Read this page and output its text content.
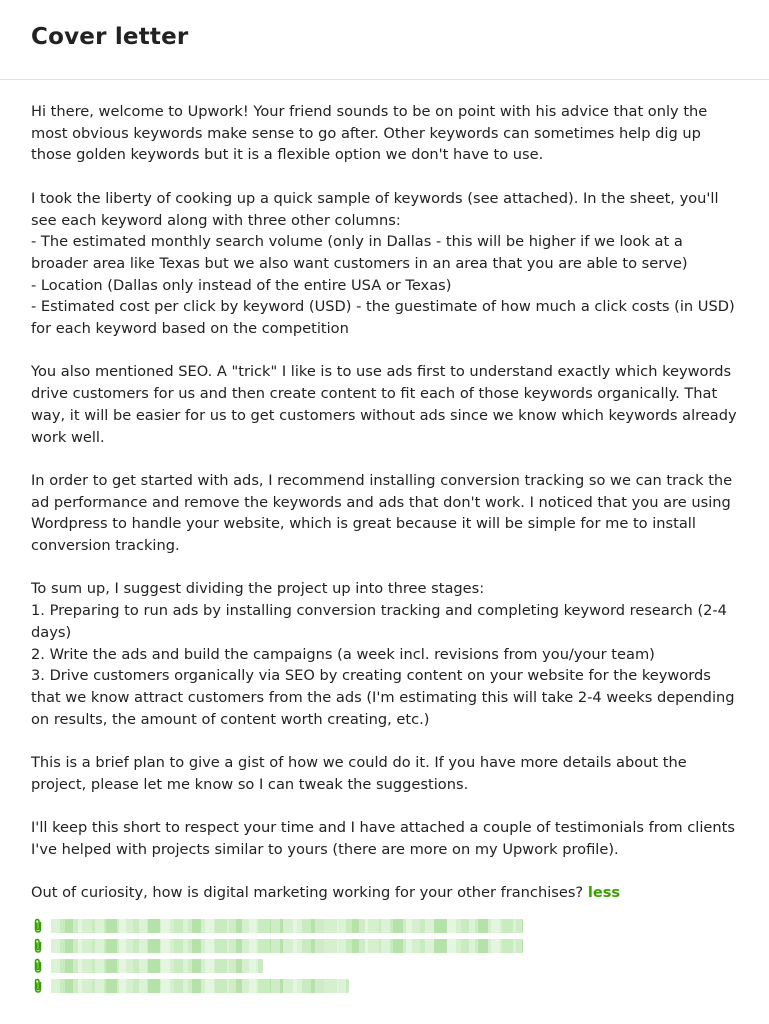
Cover letter

Hi there, welcome to Upwork! Your friend sounds to be on point with his advice that only the most obvious keywords make sense to go after. Other keywords can sometimes help dig up those golden keywords but it is a flexible option we don't have to use.

I took the liberty of cooking up a quick sample of keywords (see attached). In the sheet, you'll see each keyword along with three other columns:
- The estimated monthly search volume (only in Dallas - this will be higher if we look at a broader area like Texas but we also want customers in an area that you are able to serve)
- Location (Dallas only instead of the entire USA or Texas)
- Estimated cost per click by keyword (USD) - the guestimate of how much a click costs (in USD) for each keyword based on the competition

You also mentioned SEO. A "trick" I like is to use ads first to understand exactly which keywords drive customers for us and then create content to fit each of those keywords organically. That way, it will be easier for us to get customers without ads since we know which keywords already work well.

In order to get started with ads, I recommend installing conversion tracking so we can track the ad performance and remove the keywords and ads that don't work. I noticed that you are using Wordpress to handle your website, which is great because it will be simple for me to install conversion tracking.

To sum up, I suggest dividing the project up into three stages:
1. Preparing to run ads by installing conversion tracking and completing keyword research (2-4 days)
2. Write the ads and build the campaigns (a week incl. revisions from you/your team)
3. Drive customers organically via SEO by creating content on your website for the keywords that we know attract customers from the ads (I'm estimating this will take 2-4 weeks depending on results, the amount of content worth creating, etc.)

This is a brief plan to give a gist of how we could do it. If you have more details about the project, please let me know so I can tweak the suggestions.

I'll keep this short to respect your time and I have attached a couple of testimonials from clients I've helped with projects similar to yours (there are more on my Upwork profile).

Out of curiosity, how is digital marketing working for your other franchises? less
